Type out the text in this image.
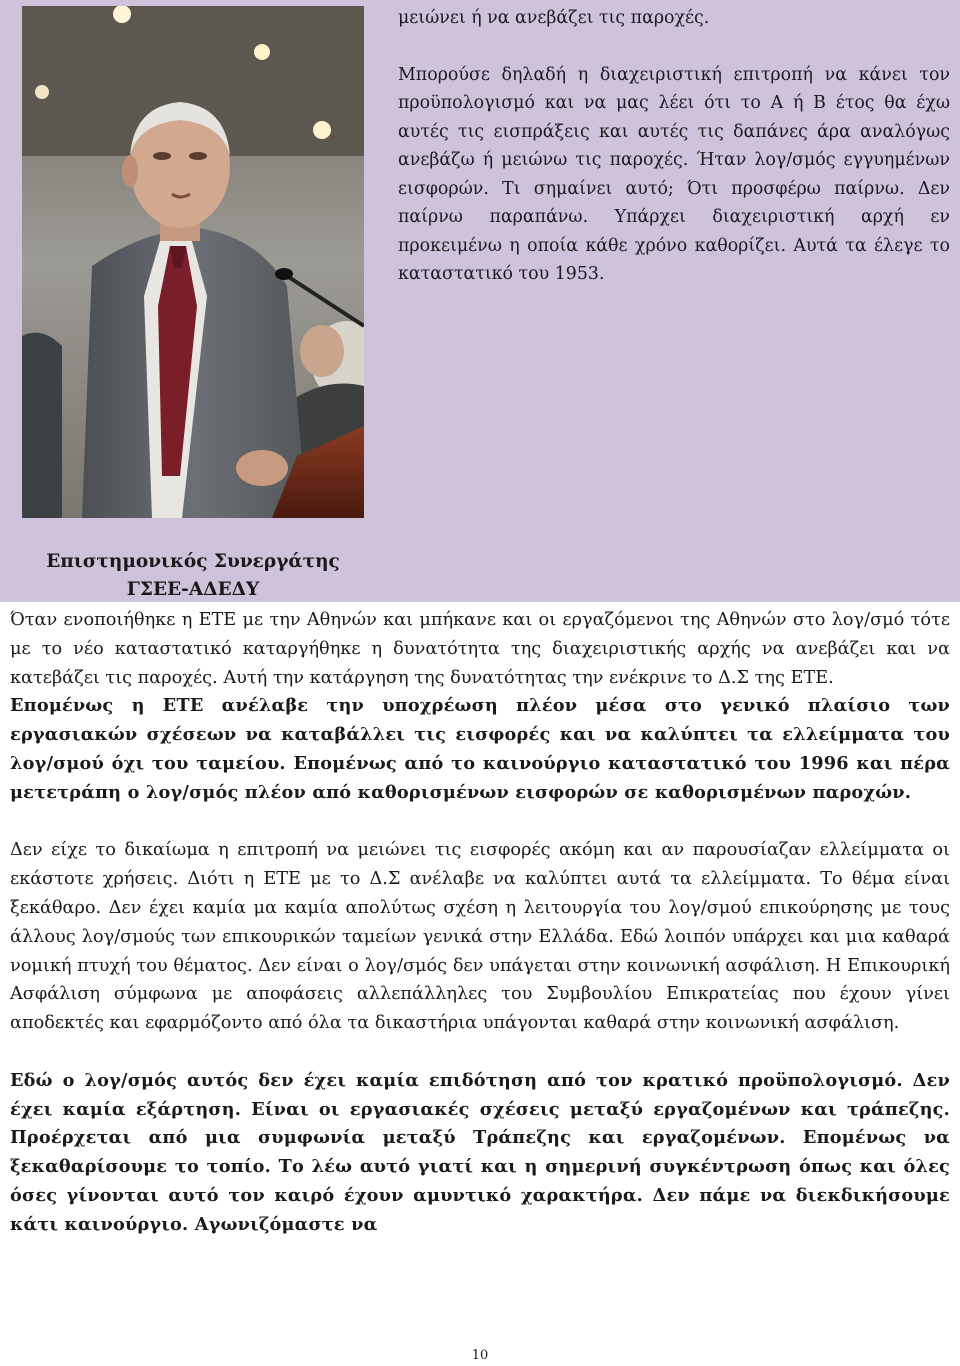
μειώνει ή να ανεβάζει τις παροχές.

Μπορούσε δηλαδή η διαχειριστική επιτροπή να κάνει τον προϋπολογισμό και να μας λέει ότι το Α ή Β έτος θα έχω αυτές τις εισπράξεις και αυτές τις δαπάνες άρα αναλόγως ανεβάζω ή μειώνω τις παροχές. Ήταν λογ/σμός εγγυημένων εισφορών. Τι σημαίνει αυτό; Ότι προσφέρω παίρνω. Δεν παίρνω παραπάνω. Υπάρχει διαχειριστική αρχή εν προκειμένω η οποία κάθε χρόνο καθορίζει. Αυτά τα έλεγε το καταστατικό του 1953.

Επιστημονικός Συνεργάτης
ΓΣΕΕ-ΑΔΕΔΥ

Όταν ενοποιήθηκε η ΕΤΕ με την Αθηνών και μπήκανε και οι εργαζόμενοι της Αθηνών στο λογ/σμό τότε με το νέο καταστατικό καταργήθηκε η δυνατότητα της διαχειριστικής αρχής να ανεβάζει και να κατεβάζει τις παροχές. Αυτή την κατάργηση της δυνατότητας την ενέκρινε το Δ.Σ της ΕΤΕ.

Επομένως η ΕΤΕ ανέλαβε την υποχρέωση πλέον μέσα στο γενικό πλαίσιο των εργασιακών σχέσεων να καταβάλλει τις εισφορές και να καλύπτει τα ελλείμματα του λογ/σμού όχι του ταμείου. Επομένως από το καινούργιο καταστατικό του 1996 και πέρα μετετράπη ο λογ/σμός πλέον από καθορισμένων εισφορών σε καθορισμένων παροχών.

Δεν είχε το δικαίωμα η επιτροπή να μειώνει τις εισφορές ακόμη και αν παρουσίαζαν ελλείμματα οι εκάστοτε χρήσεις. Διότι η ΕΤΕ με το Δ.Σ ανέλαβε να καλύπτει αυτά τα ελλείμματα. Το θέμα είναι ξεκάθαρο. Δεν έχει καμία μα καμία απολύτως σχέση η λειτουργία του λογ/σμού επικούρησης με τους άλλους λογ/σμούς των επικουρικών ταμείων γενικά στην Ελλάδα. Εδώ λοιπόν υπάρχει και μια καθαρά νομική πτυχή του θέματος. Δεν είναι ο λογ/σμός δεν υπάγεται στην κοινωνική ασφάλιση. Η Επικουρική Ασφάλιση σύμφωνα με αποφάσεις αλλεπάλληλες του Συμβουλίου Επικρατείας που έχουν γίνει αποδεκτές και εφαρμόζοντο από όλα τα δικαστήρια υπάγονται καθαρά στην κοινωνική ασφάλιση.

Εδώ ο λογ/σμός αυτός δεν έχει καμία επιδότηση από τον κρατικό προϋπολογισμό. Δεν έχει καμία εξάρτηση. Είναι οι εργασιακές σχέσεις μεταξύ εργαζομένων και τράπεζης. Προέρχεται από μια συμφωνία μεταξύ Τράπεζης και εργαζομένων. Επομένως να ξεκαθαρίσουμε το τοπίο. Το λέω αυτό γιατί και η σημερινή συγκέντρωση όπως και όλες όσες γίνονται αυτό τον καιρό έχουν αμυντικό χαρακτήρα. Δεν πάμε να διεκδικήσουμε κάτι καινούργιο. Αγωνιζόμαστε να

10
